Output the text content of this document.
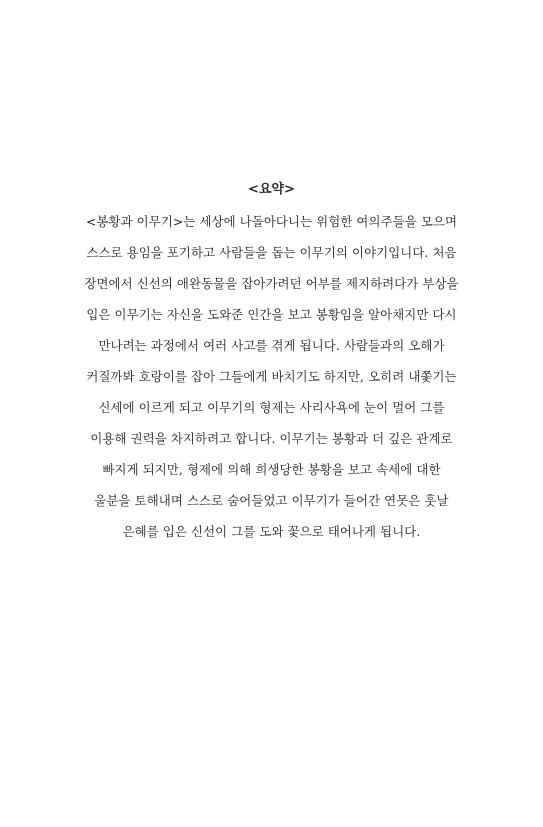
<요약>
<봉황과 이무기>는 세상에 나돌아다니는 위험한 여의주들을 모으며
스스로 용임을 포기하고 사람들을 돕는 이무기의 이야기입니다. 처음
장면에서 신선의 애완동물을 잡아가려던 어부를 제지하려다가 부상을
입은 이무기는 자신을 도와준 인간을 보고 봉황임을 알아채지만 다시
만나려는 과정에서 여러 사고를 겪게 됩니다. 사람들과의 오해가
커질까봐 호랑이를 잡아 그들에게 바치기도 하지만, 오히려 내쫓기는
신세에 이르게 되고 이무기의 형제는 사리사욕에 눈이 멀어 그를
이용해 권력을 차지하려고 합니다. 이무기는 봉황과 더 깊은 관계로
빠지게 되지만, 형제에 의해 희생당한 봉황을 보고 속세에 대한
울분을 토해내며 스스로 숨어들었고 이무기가 들어간 연못은 훗날
은혜를 입은 신선이 그를 도와 꽃으로 태어나게 됩니다.
